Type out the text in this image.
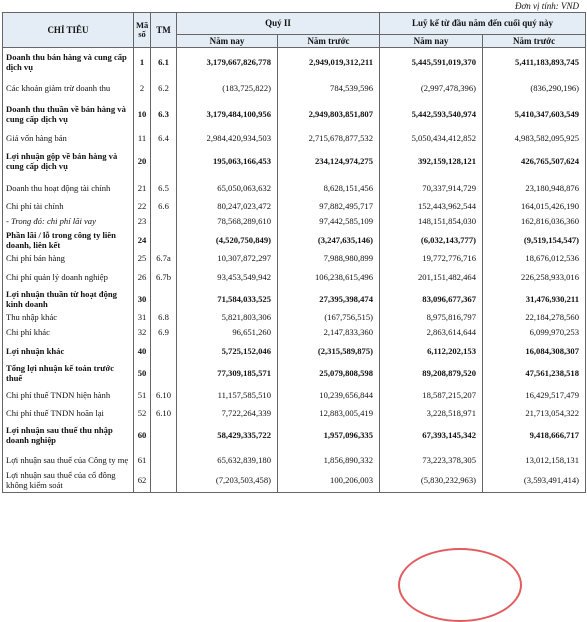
Đơn vị tính: VND
CHỈ TIÊU	Mã số	TM	Quý II		Luỹ kế từ đầu năm đến cuối quý này	
			Năm nay	Năm trước	Năm nay	Năm trước
Doanh thu bán hàng và cung cấp dịch vụ	1	6.1	3,179,667,826,778	2,949,019,312,211	5,445,591,019,370	5,411,183,893,745
Các khoản giảm trừ doanh thu	2	6.2	(183,725,822)	784,539,596	(2,997,478,396)	(836,290,196)
Doanh thu thuần về bán hàng và cung cấp dịch vụ	10	6.3	3,179,484,100,956	2,949,803,851,807	5,442,593,540,974	5,410,347,603,549
Giá vốn hàng bán	11	6.4	2,984,420,934,503	2,715,678,877,532	5,050,434,412,852	4,983,582,095,925
Lợi nhuận gộp về bán hàng và cung cấp dịch vụ	20		195,063,166,453	234,124,974,275	392,159,128,121	426,765,507,624
Doanh thu hoạt động tài chính	21	6.5	65,050,063,632	8,628,151,456	70,337,914,729	23,180,948,876
Chi phí tài chính	22	6.6	80,247,023,472	97,882,495,717	152,443,962,544	164,015,426,190
- Trong đó: chi phí lãi vay	23		78,568,289,610	97,442,585,109	148,151,854,030	162,816,036,360
Phần lãi / lỗ trong công ty liên doanh, liên kết	24		(4,520,750,849)	(3,247,635,146)	(6,032,143,777)	(9,519,154,547)
Chi phí bán hàng	25	6.7a	10,307,872,297	7,988,980,899	19,772,776,716	18,676,012,536
Chi phí quản lý doanh nghiệp	26	6.7b	93,453,549,942	106,238,615,496	201,151,482,464	226,258,933,016
Lợi nhuận thuần từ hoạt động kinh doanh	30		71,584,033,525	27,395,398,474	83,096,677,367	31,476,930,211
Thu nhập khác	31	6.8	5,821,803,306	(167,756,515)	8,975,816,797	22,184,278,560
Chi phí khác	32	6.9	96,651,260	2,147,833,360	2,863,614,644	6,099,970,253
Lợi nhuận khác	40		5,725,152,046	(2,315,589,875)	6,112,202,153	16,084,308,307
Tổng lợi nhuận kế toán trước thuế	50		77,309,185,571	25,079,808,598	89,208,879,520	47,561,238,518
Chi phí thuế TNDN hiện hành	51	6.10	11,157,585,510	10,239,656,844	18,587,215,207	16,429,517,479
Chi phí thuế TNDN hoãn lại	52	6.10	7,722,264,339	12,883,005,419	3,228,518,971	21,713,054,322
Lợi nhuận sau thuế thu nhập doanh nghiệp	60		58,429,335,722	1,957,096,335	67,393,145,342	9,418,666,717
Lợi nhuận sau thuế của Công ty mẹ	61		65,632,839,180	1,856,890,332	73,223,378,305	13,012,158,131
Lợi nhuận sau thuế của cổ đông không kiểm soát	62		(7,203,503,458)	100,206,003	(5,830,232,963)	(3,593,491,414)
